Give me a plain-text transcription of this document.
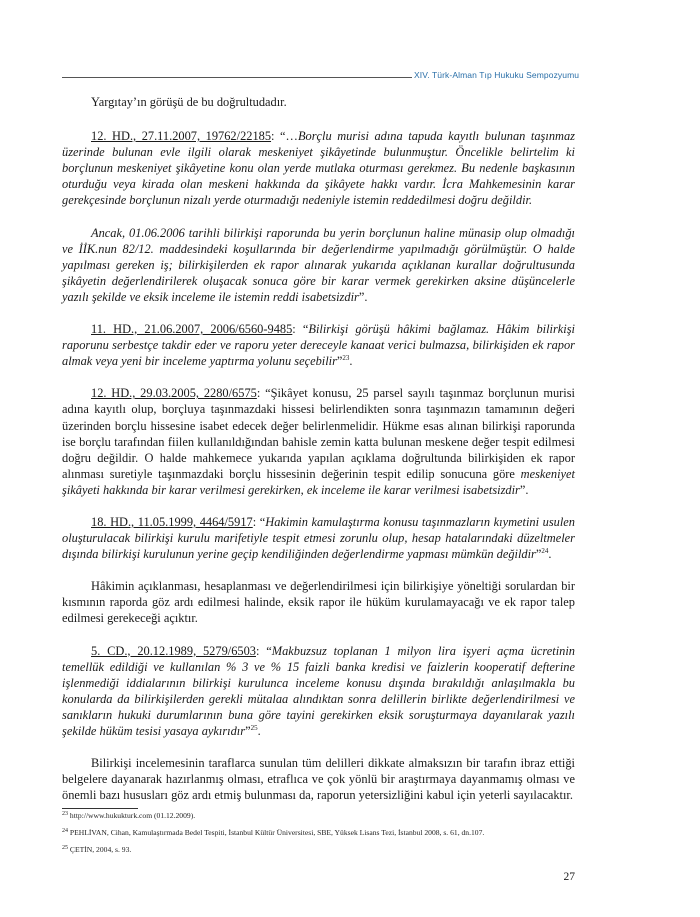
XIV. Türk-Alman Tıp Hukuku Sempozyumu

Yargıtay’ın görüşü de bu doğrultudadır.

12. HD., 27.11.2007, 19762/22185: “…Borçlu murisi adına tapuda kayıtlı bulunan taşınmaz üzerinde bulunan evle ilgili olarak meskeniyet şikâyetinde bulunmuştur. Öncelikle belirtelim ki borçlunun meskeniyet şikâyetine konu olan yerde mutlaka oturması gerekmez. Bu nedenle başkasının oturduğu veya kirada olan meskeni hakkında da şikâyete hakkı vardır. İcra Mahkemesinin karar gerekçesinde borçlunun nizalı yerde oturmadığı nedeniyle istemin reddedilmesi doğru değildir.

Ancak, 01.06.2006 tarihli bilirkişi raporunda bu yerin borçlunun haline münasip olup olmadığı ve İİK.nun 82/12. maddesindeki koşullarında bir değerlendirme yapılmadığı görülmüştür. O halde yapılması gereken iş; bilirkişilerden ek rapor alınarak yukarıda açıklanan kurallar doğrultusunda şikâyetin değerlendirilerek oluşacak sonuca göre bir karar vermek gerekirken aksine düşüncelerle yazılı şekilde ve eksik inceleme ile istemin reddi isabetsizdir”.

11. HD., 21.06.2007, 2006/6560-9485: “Bilirkişi görüşü hâkimi bağlamaz. Hâkim bilirkişi raporunu serbestçe takdir eder ve raporu yeter dereceyle kanaat verici bulmazsa, bilirkişiden ek rapor almak veya yeni bir inceleme yaptırma yolunu seçebilir”$^{23}$.

12. HD., 29.03.2005, 2280/6575: “Şikâyet konusu, 25 parsel sayılı taşınmaz borçlunun murisi adına kayıtlı olup, borçluya taşınmazdaki hissesi belirlendikten sonra taşınmazın tamamının değeri üzerinden borçlu hissesine isabet edecek değer belirlenmelidir. Hükme esas alınan bilirkişi raporunda ise borçlu tarafından fiilen kullanıldığından bahisle zemin katta bulunan meskene değer tespit edilmesi doğru değildir. O halde mahkemece yukarıda yapılan açıklama doğrultunda bilirkişiden ek rapor alınması suretiyle taşınmazdaki borçlu hissesinin değerinin tespit edilip sonucuna göre meskeniyet şikâyeti hakkında bir karar verilmesi gerekirken, ek inceleme ile karar verilmesi isabetsizdir”.

18. HD., 11.05.1999, 4464/5917: “Hakimin kamulaştırma konusu taşınmazların kıymetini usulen oluşturulacak bilirkişi kurulu marifetiyle tespit etmesi zorunlu olup, hesap hatalarındaki düzeltmeler dışında bilirkişi kurulunun yerine geçip kendiliğinden değerlendirme yapması mümkün değildir”$^{24}$.

Hâkimin açıklanması, hesaplanması ve değerlendirilmesi için bilirkişiye yöneltiği sorulardan bir kısmının raporda göz ardı edilmesi halinde, eksik rapor ile hüküm kurulamayacağı ve ek rapor talep edilmesi gerekeceği açıktır.

5. CD., 20.12.1989, 5279/6503: “Makbuzsuz toplanan 1 milyon lira işyeri açma ücretinin temellük edildiği ve kullanılan % 3 ve % 15 faizli banka kredisi ve faizlerin kooperatif defterine işlenmediği iddialarının bilirkişi kurulunca inceleme konusu dışında bırakıldığı anlaşılmakla bu konularda da bilirkişilerden gerekli mütalaa alındıktan sonra delillerin birlikte değerlendirilmesi ve sanıkların hukuki durumlarının buna göre tayini gerekirken eksik soruşturmaya dayanılarak yazılı şekilde hüküm tesisi yasaya aykırıdır”$^{25}$.

Bilirkişi incelemesinin taraflarca sunulan tüm delilleri dikkate almaksızın bir tarafın ibraz ettiği belgelere dayanarak hazırlanmış olması, etraflıca ve çok yönlü bir araştırmaya dayanmamış olması ve önemli bazı hususları göz ardı etmiş bulunması da, raporun yetersizliğini kabul için yeterli sayılacaktır.

$^{23}$ http://www.hukukturk.com (01.12.2009).
$^{24}$ PEHLİVAN, Cihan, Kamulaştırmada Bedel Tespiti, İstanbul Kültür Üniversitesi, SBE, Yüksek Lisans Tezi, İstanbul 2008, s. 61, dn.107.
$^{25}$ ÇETİN, 2004, s. 93.
27
